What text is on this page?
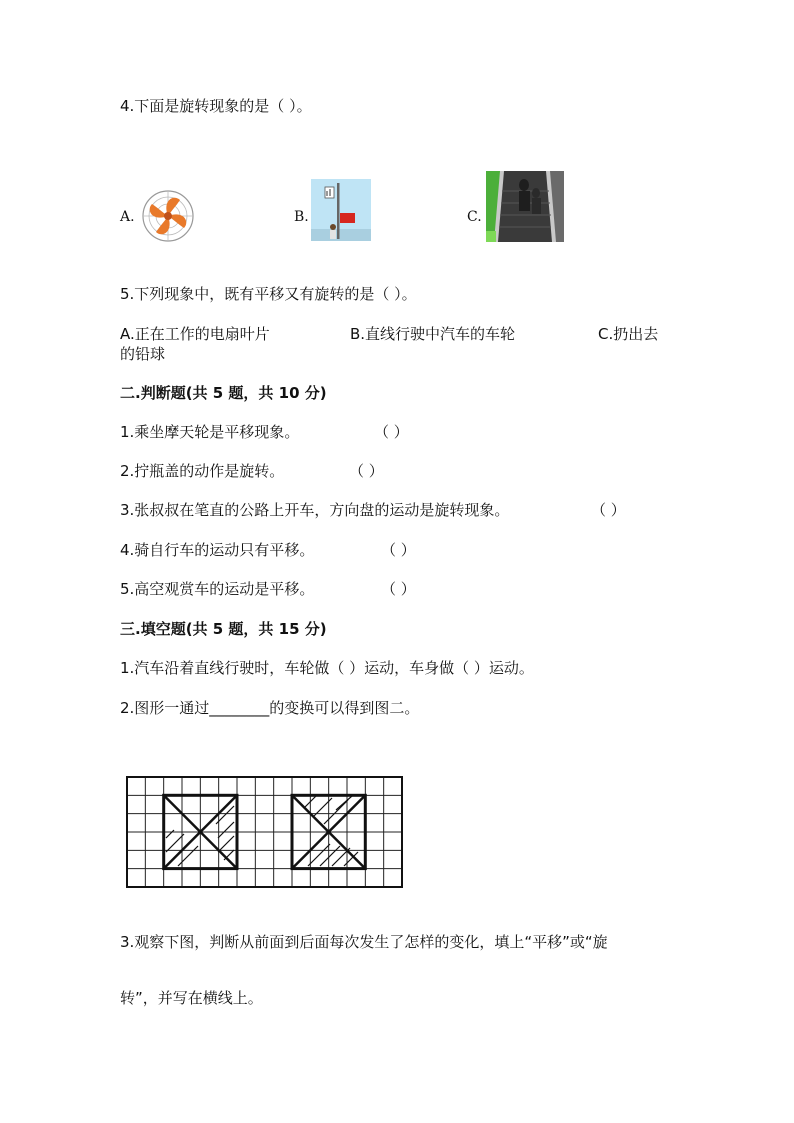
4.下面是旋转现象的是（ ）。
A.	B.	C.
5.下列现象中，既有平移又有旋转的是（ ）。
A.正在工作的电扇叶片	B.直线行驶中汽车的车轮	C.扔出去
的铅球
二.判断题(共 5 题，共 10 分)
1.乘坐摩天轮是平移现象。	（ ）
2.拧瓶盖的动作是旋转。	（ ）
3.张叔叔在笔直的公路上开车，方向盘的运动是旋转现象。	（ ）
4.骑自行车的运动只有平移。	（ ）
5.高空观赏车的运动是平移。	（ ）
三.填空题(共 5 题，共 15 分)
1.汽车沿着直线行驶时，车轮做（ ）运动，车身做（ ）运动。
2.图形一通过________的变换可以得到图二。
3.观察下图，判断从前面到后面每次发生了怎样的变化，填上“平移”或“旋
转”，并写在横线上。
